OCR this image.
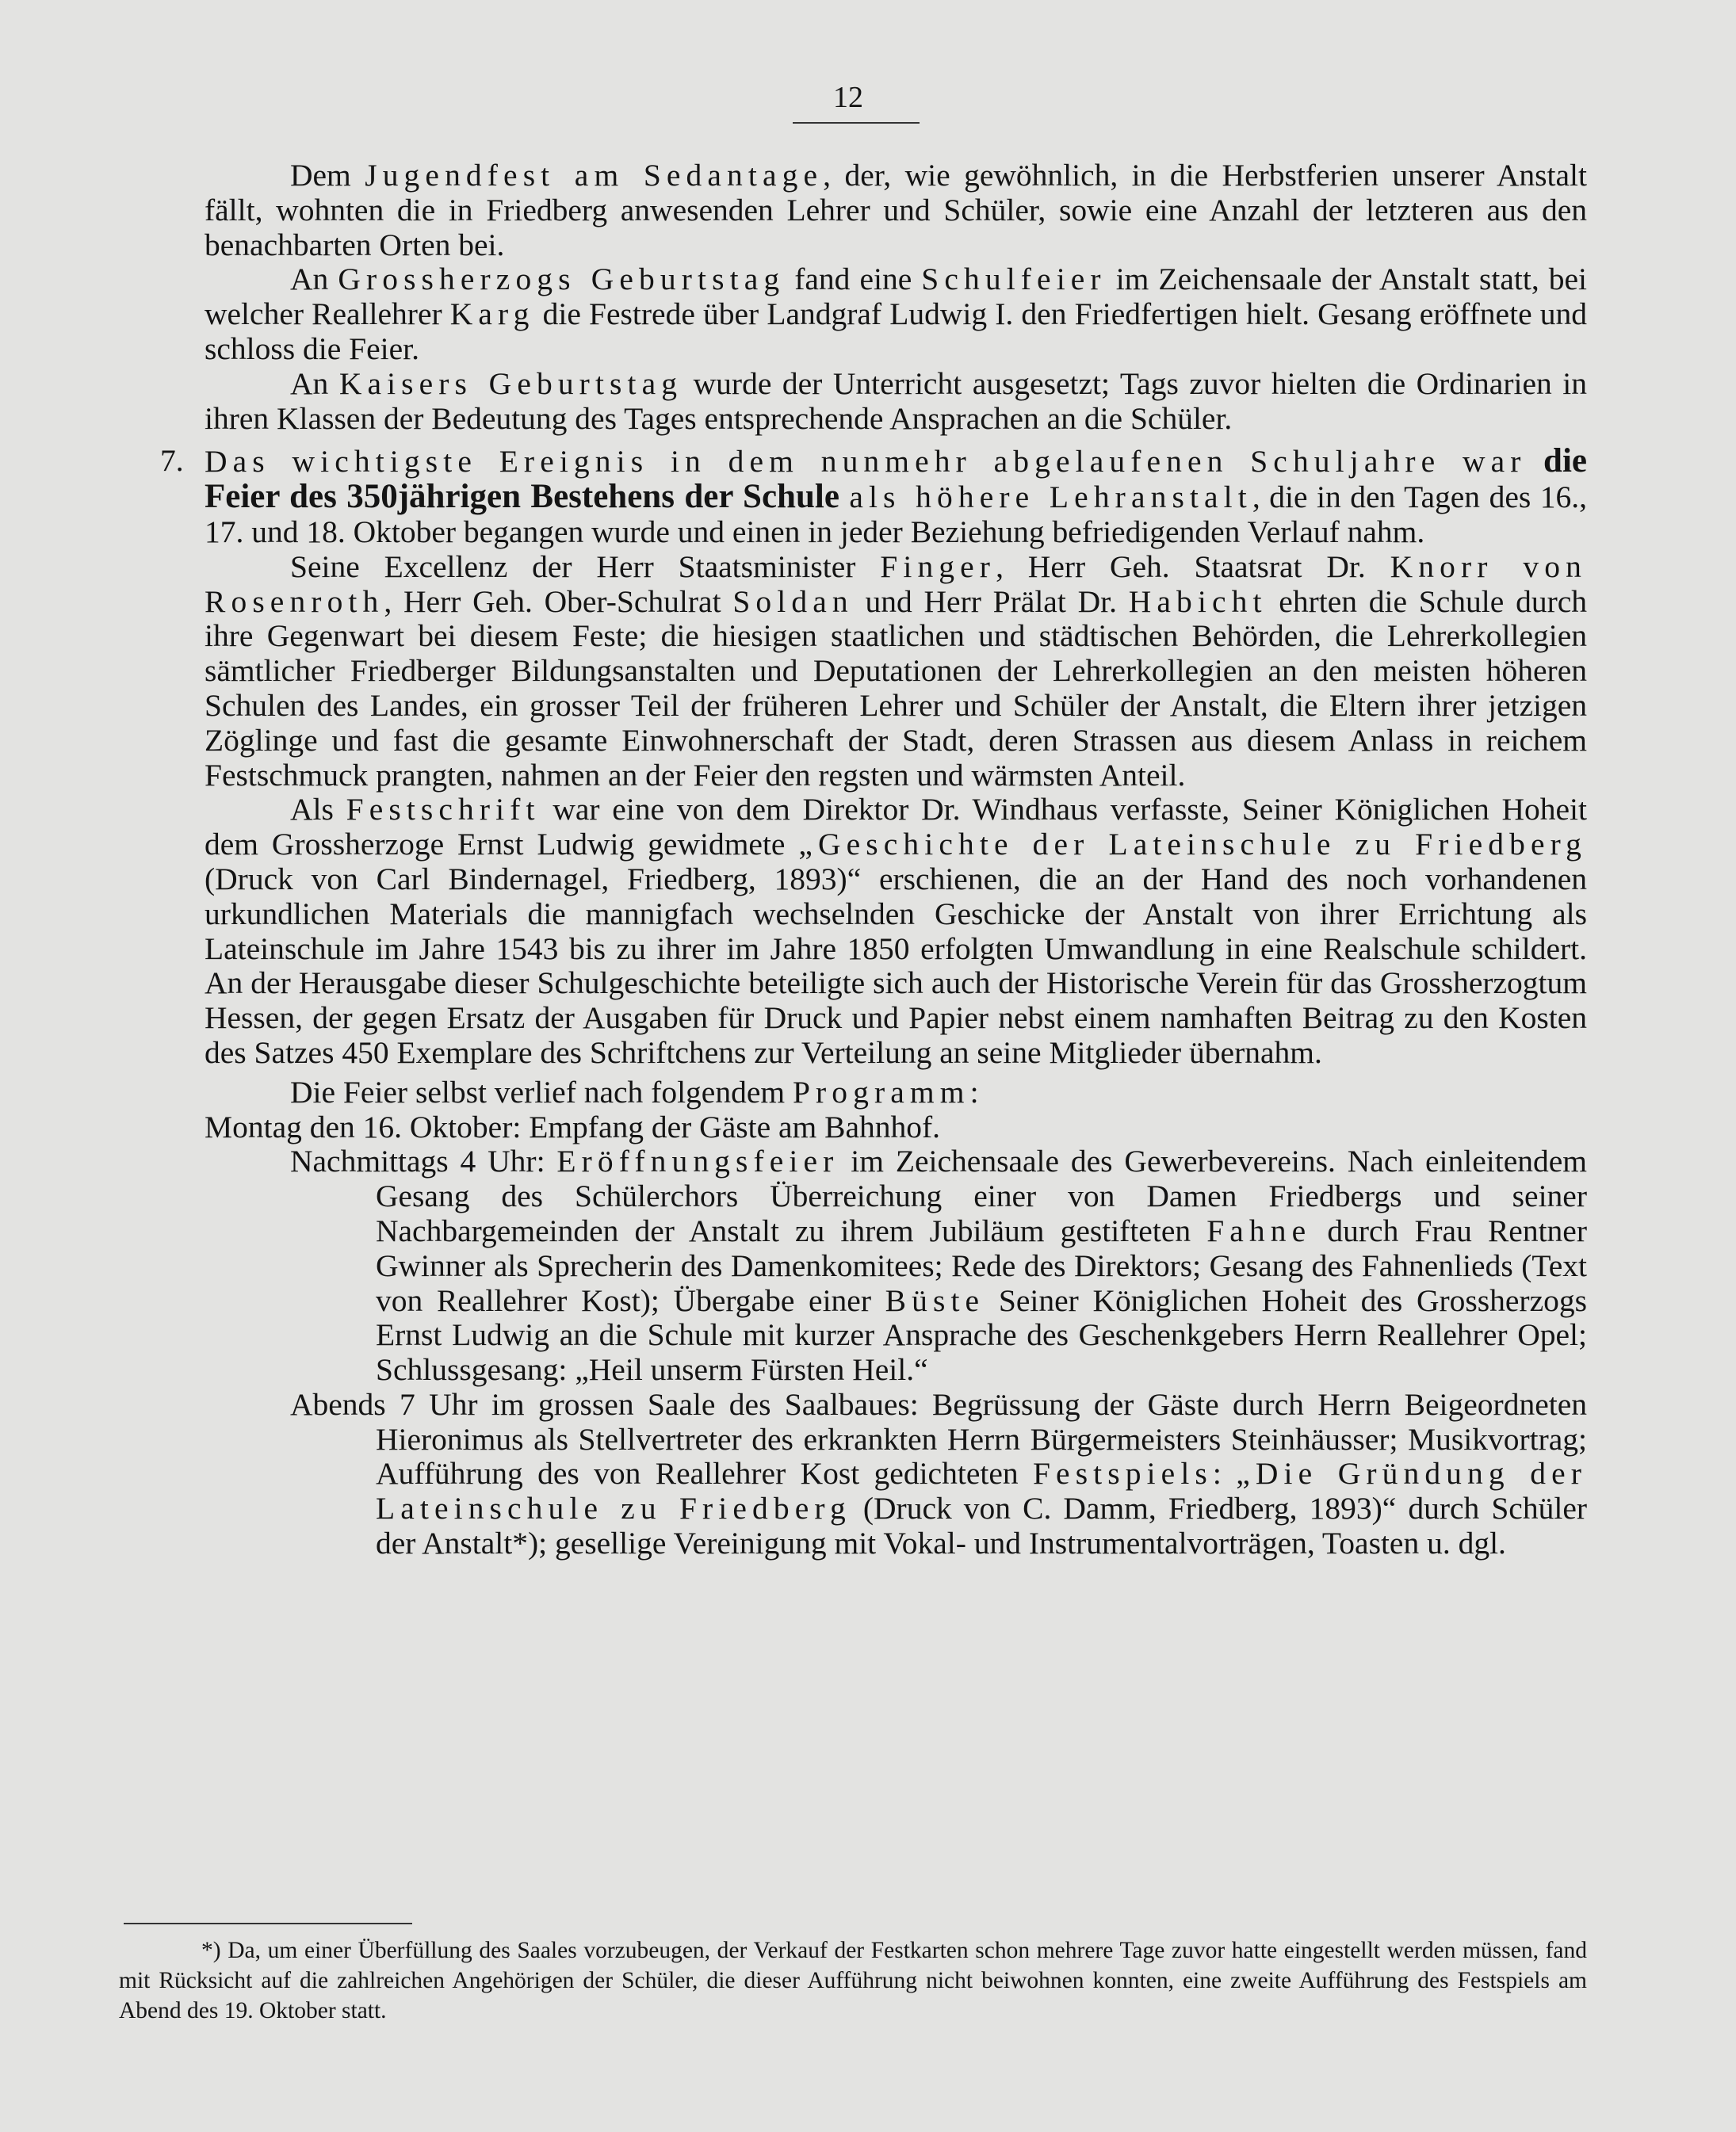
12

Dem Jugendfest am Sedantage, der, wie gewöhnlich, in die Herbstferien unserer Anstalt fällt, wohnten die in Friedberg anwesenden Lehrer und Schüler, sowie eine Anzahl der letzteren aus den benachbarten Orten bei.

An Grossherzogs Geburtstag fand eine Schulfeier im Zeichensaale der Anstalt statt, bei welcher Reallehrer Karg die Festrede über Landgraf Ludwig I. den Friedfertigen hielt. Gesang eröffnete und schloss die Feier.

An Kaisers Geburtstag wurde der Unterricht ausgesetzt; Tags zuvor hielten die Ordinarien in ihren Klassen der Bedeutung des Tages entsprechende Ansprachen an die Schüler.

7. Das wichtigste Ereignis in dem nunmehr abgelaufenen Schuljahre war die Feier des 350jährigen Bestehens der Schule als höhere Lehranstalt, die in den Tagen des 16., 17. und 18. Oktober begangen wurde und einen in jeder Beziehung befriedigenden Verlauf nahm.

Seine Excellenz der Herr Staatsminister Finger, Herr Geh. Staatsrat Dr. Knorr von Rosenroth, Herr Geh. Ober-Schulrat Soldan und Herr Prälat Dr. Habicht ehrten die Schule durch ihre Gegenwart bei diesem Feste; die hiesigen staatlichen und städtischen Behörden, die Lehrerkollegien sämtlicher Friedberger Bildungsanstalten und Deputationen der Lehrerkollegien an den meisten höheren Schulen des Landes, ein grosser Teil der früheren Lehrer und Schüler der Anstalt, die Eltern ihrer jetzigen Zöglinge und fast die gesamte Einwohnerschaft der Stadt, deren Strassen aus diesem Anlass in reichem Festschmuck prangten, nahmen an der Feier den regsten und wärmsten Anteil.

Als Festschrift war eine von dem Direktor Dr. Windhaus verfasste, Seiner Königlichen Hoheit dem Grossherzoge Ernst Ludwig gewidmete „Geschichte der Lateinschule zu Friedberg (Druck von Carl Bindernagel, Friedberg, 1893)“ erschienen, die an der Hand des noch vorhandenen urkundlichen Materials die mannigfach wechselnden Geschicke der Anstalt von ihrer Errichtung als Lateinschule im Jahre 1543 bis zu ihrer im Jahre 1850 erfolgten Umwandlung in eine Realschule schildert. An der Herausgabe dieser Schulgeschichte beteiligte sich auch der Historische Verein für das Grossherzogtum Hessen, der gegen Ersatz der Ausgaben für Druck und Papier nebst einem namhaften Beitrag zu den Kosten des Satzes 450 Exemplare des Schriftchens zur Verteilung an seine Mitglieder übernahm.

Die Feier selbst verlief nach folgendem Programm:

Montag den 16. Oktober: Empfang der Gäste am Bahnhof.

Nachmittags 4 Uhr: Eröffnungsfeier im Zeichensaale des Gewerbevereins. Nach einleitendem Gesang des Schülerchors Überreichung einer von Damen Friedbergs und seiner Nachbargemeinden der Anstalt zu ihrem Jubiläum gestifteten Fahne durch Frau Rentner Gwinner als Sprecherin des Damenkomitees; Rede des Direktors; Gesang des Fahnenlieds (Text von Reallehrer Kost); Übergabe einer Büste Seiner Königlichen Hoheit des Grossherzogs Ernst Ludwig an die Schule mit kurzer Ansprache des Geschenkgebers Herrn Reallehrer Opel; Schlussgesang: „Heil unserm Fürsten Heil.“

Abends 7 Uhr im grossen Saale des Saalbaues: Begrüssung der Gäste durch Herrn Beigeordneten Hieronimus als Stellvertreter des erkrankten Herrn Bürgermeisters Steinhäusser; Musikvortrag; Aufführung des von Reallehrer Kost gedichteten Festspiels: „Die Gründung der Lateinschule zu Friedberg (Druck von C. Damm, Friedberg, 1893)“ durch Schüler der Anstalt*); gesellige Vereinigung mit Vokal- und Instrumentalvorträgen, Toasten u. dgl.

*) Da, um einer Überfüllung des Saales vorzubeugen, der Verkauf der Festkarten schon mehrere Tage zuvor hatte eingestellt werden müssen, fand mit Rücksicht auf die zahlreichen Angehörigen der Schüler, die dieser Aufführung nicht beiwohnen konnten, eine zweite Aufführung des Festspiels am Abend des 19. Oktober statt.
